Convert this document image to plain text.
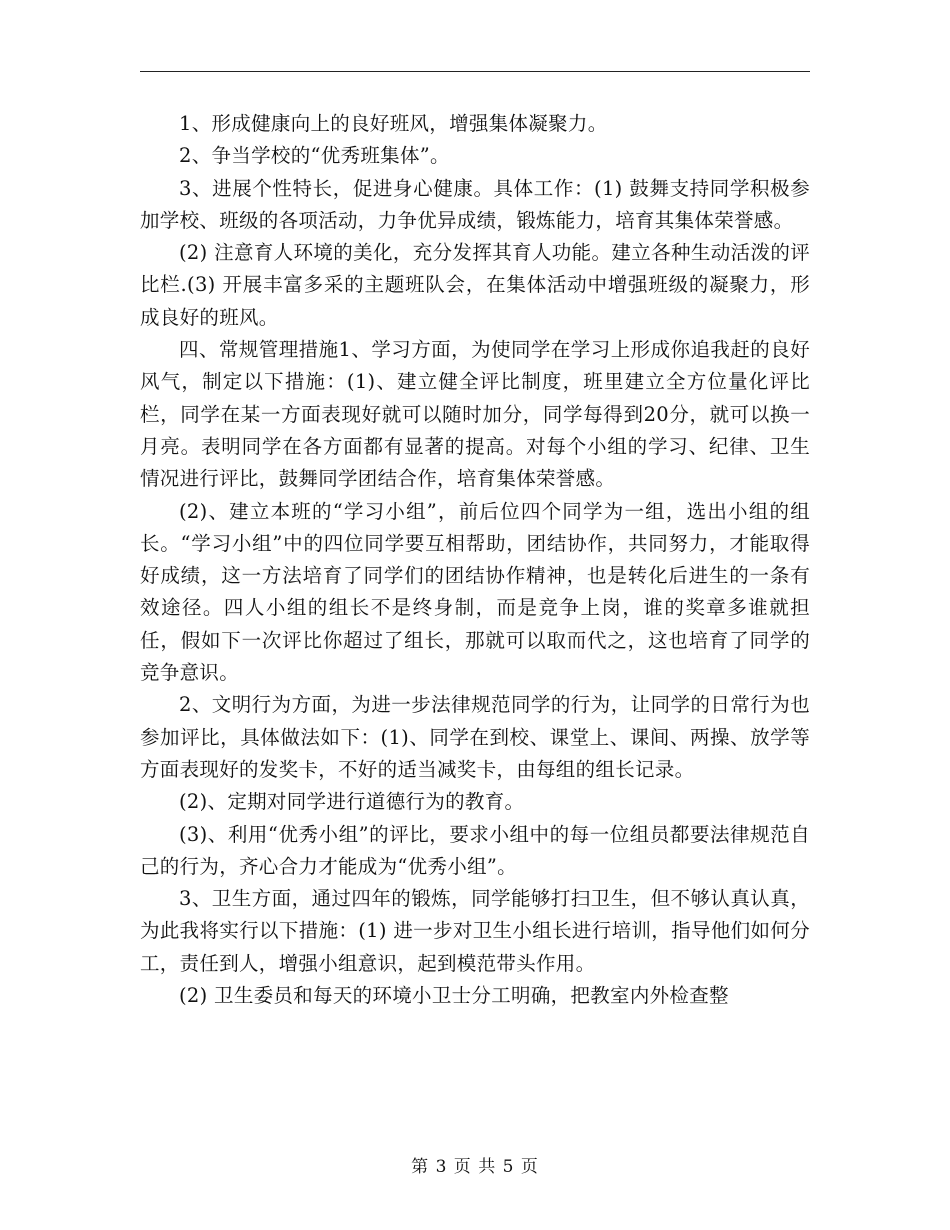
1、形成健康向上的良好班风，增强集体凝聚力。

2、争当学校的“优秀班集体”。

3、进展个性特长，促进身心健康。具体工作：(1) 鼓舞支持同学积极参加学校、班级的各项活动，力争优异成绩，锻炼能力，培育其集体荣誉感。

(2) 注意育人环境的美化，充分发挥其育人功能。建立各种生动活泼的评比栏.(3) 开展丰富多采的主题班队会，在集体活动中增强班级的凝聚力，形成良好的班风。

四、常规管理措施1、学习方面，为使同学在学习上形成你追我赶的良好风气，制定以下措施：(1)、建立健全评比制度，班里建立全方位量化评比栏，同学在某一方面表现好就可以随时加分，同学每得到20分，就可以换一月亮。表明同学在各方面都有显著的提高。对每个小组的学习、纪律、卫生情况进行评比，鼓舞同学团结合作，培育集体荣誉感。

(2)、建立本班的“学习小组”，前后位四个同学为一组，选出小组的组长。“学习小组”中的四位同学要互相帮助，团结协作，共同努力，才能取得好成绩，这一方法培育了同学们的团结协作精神，也是转化后进生的一条有效途径。四人小组的组长不是终身制，而是竞争上岗，谁的奖章多谁就担任，假如下一次评比你超过了组长，那就可以取而代之，这也培育了同学的竞争意识。

2、文明行为方面，为进一步法律规范同学的行为，让同学的日常行为也参加评比，具体做法如下：(1)、同学在到校、课堂上、课间、两操、放学等方面表现好的发奖卡，不好的适当减奖卡，由每组的组长记录。

(2)、定期对同学进行道德行为的教育。

(3)、利用“优秀小组”的评比，要求小组中的每一位组员都要法律规范自己的行为，齐心合力才能成为“优秀小组”。

3、卫生方面，通过四年的锻炼，同学能够打扫卫生，但不够认真认真，为此我将实行以下措施：(1) 进一步对卫生小组长进行培训，指导他们如何分工，责任到人，增强小组意识，起到模范带头作用。

(2) 卫生委员和每天的环境小卫士分工明确，把教室内外检查整

第 3 页 共 5 页
